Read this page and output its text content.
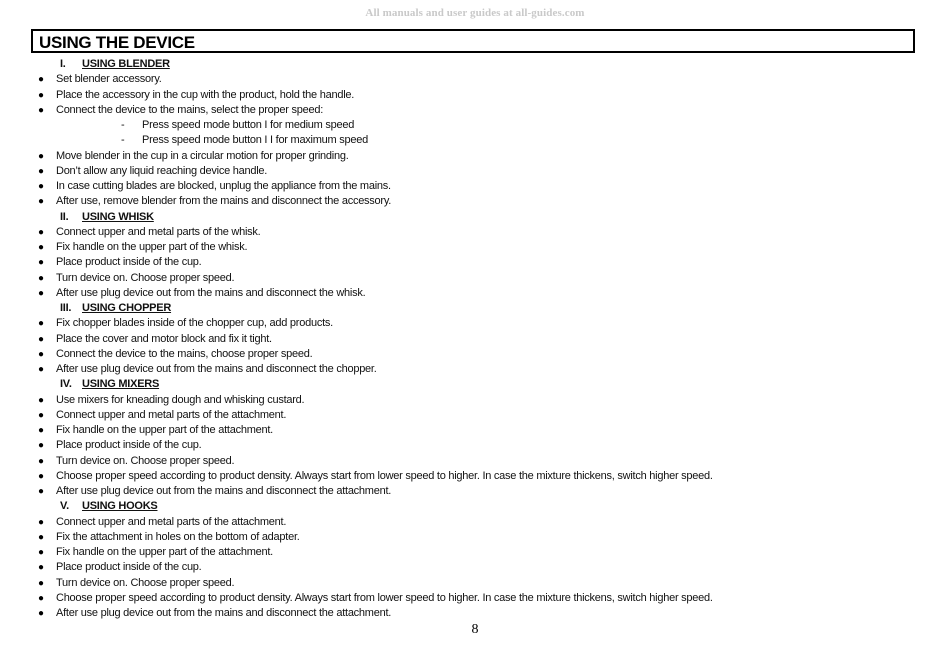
All manuals and user guides at all-guides.com
USING THE DEVICE
I. USING BLENDER
● Set blender accessory.
● Place the accessory in the cup with the product, hold the handle.
● Connect the device to the mains, select the proper speed:
- Press speed mode button I for medium speed
- Press speed mode button I I for maximum speed
● Move blender in the cup in a circular motion for proper grinding.
● Don’t allow any liquid reaching device handle.
● In case cutting blades are blocked, unplug the appliance from the mains.
● After use, remove blender from the mains and disconnect the accessory.
II. USING WHISK
● Connect upper and metal parts of the whisk.
● Fix handle on the upper part of the whisk.
● Place product inside of the cup.
● Turn device on. Choose proper speed.
● After use plug device out from the mains and disconnect the whisk.
III. USING CHOPPER
● Fix chopper blades inside of the chopper cup, add products.
● Place the cover and motor block and fix it tight.
● Connect the device to the mains, choose proper speed.
● After use plug device out from the mains and disconnect the chopper.
IV. USING MIXERS
● Use mixers for kneading dough and whisking custard.
● Connect upper and metal parts of the attachment.
● Fix handle on the upper part of the attachment.
● Place product inside of the cup.
● Turn device on. Choose proper speed.
● Choose proper speed according to product density. Always start from lower speed to higher. In case the mixture thickens, switch higher speed.
● After use plug device out from the mains and disconnect the attachment.
V. USING HOOKS
● Connect upper and metal parts of the attachment.
● Fix the attachment in holes on the bottom of adapter.
● Fix handle on the upper part of the attachment.
● Place product inside of the cup.
● Turn device on. Choose proper speed.
● Choose proper speed according to product density. Always start from lower speed to higher. In case the mixture thickens, switch higher speed.
● After use plug device out from the mains and disconnect the attachment.
8
